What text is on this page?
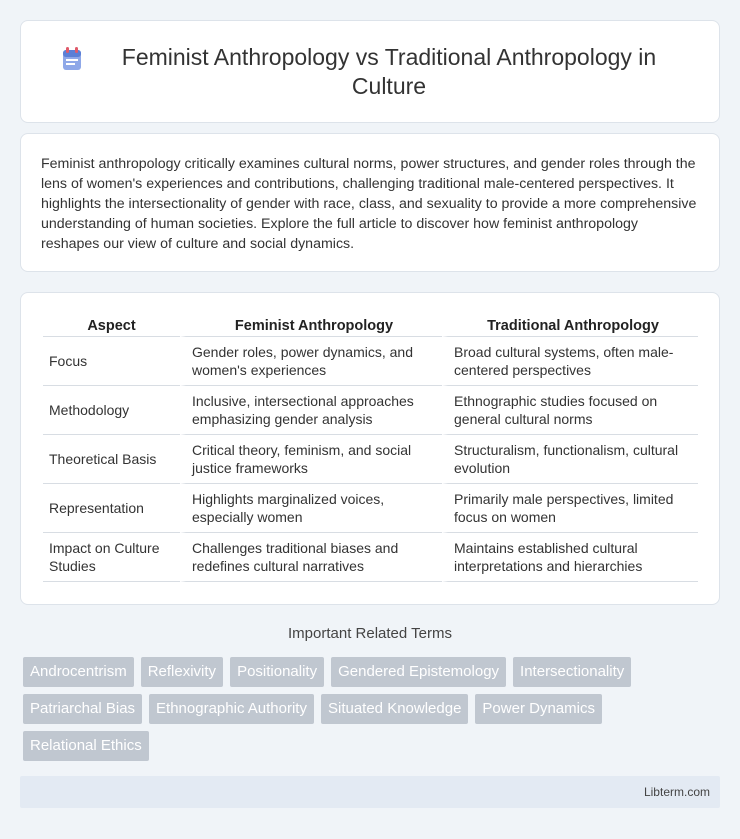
Feminist Anthropology vs Traditional Anthropology in Culture

Feminist anthropology critically examines cultural norms, power structures, and gender roles through the lens of women's experiences and contributions, challenging traditional male-centered perspectives. It highlights the intersectionality of gender with race, class, and sexuality to provide a more comprehensive understanding of human societies. Explore the full article to discover how feminist anthropology reshapes our view of culture and social dynamics.

Aspect	Feminist Anthropology	Traditional Anthropology
Focus	Gender roles, power dynamics, and women's experiences	Broad cultural systems, often male-centered perspectives
Methodology	Inclusive, intersectional approaches emphasizing gender analysis	Ethnographic studies focused on general cultural norms
Theoretical Basis	Critical theory, feminism, and social justice frameworks	Structuralism, functionalism, cultural evolution
Representation	Highlights marginalized voices, especially women	Primarily male perspectives, limited focus on women
Impact on Culture Studies	Challenges traditional biases and redefines cultural narratives	Maintains established cultural interpretations and hierarchies
Important Related Terms
Androcentrism	Reflexivity	Positionality	Gendered Epistemology	Intersectionality
Patriarchal Bias	Ethnographic Authority	Situated Knowledge	Power Dynamics
Relational Ethics
Libterm.com
